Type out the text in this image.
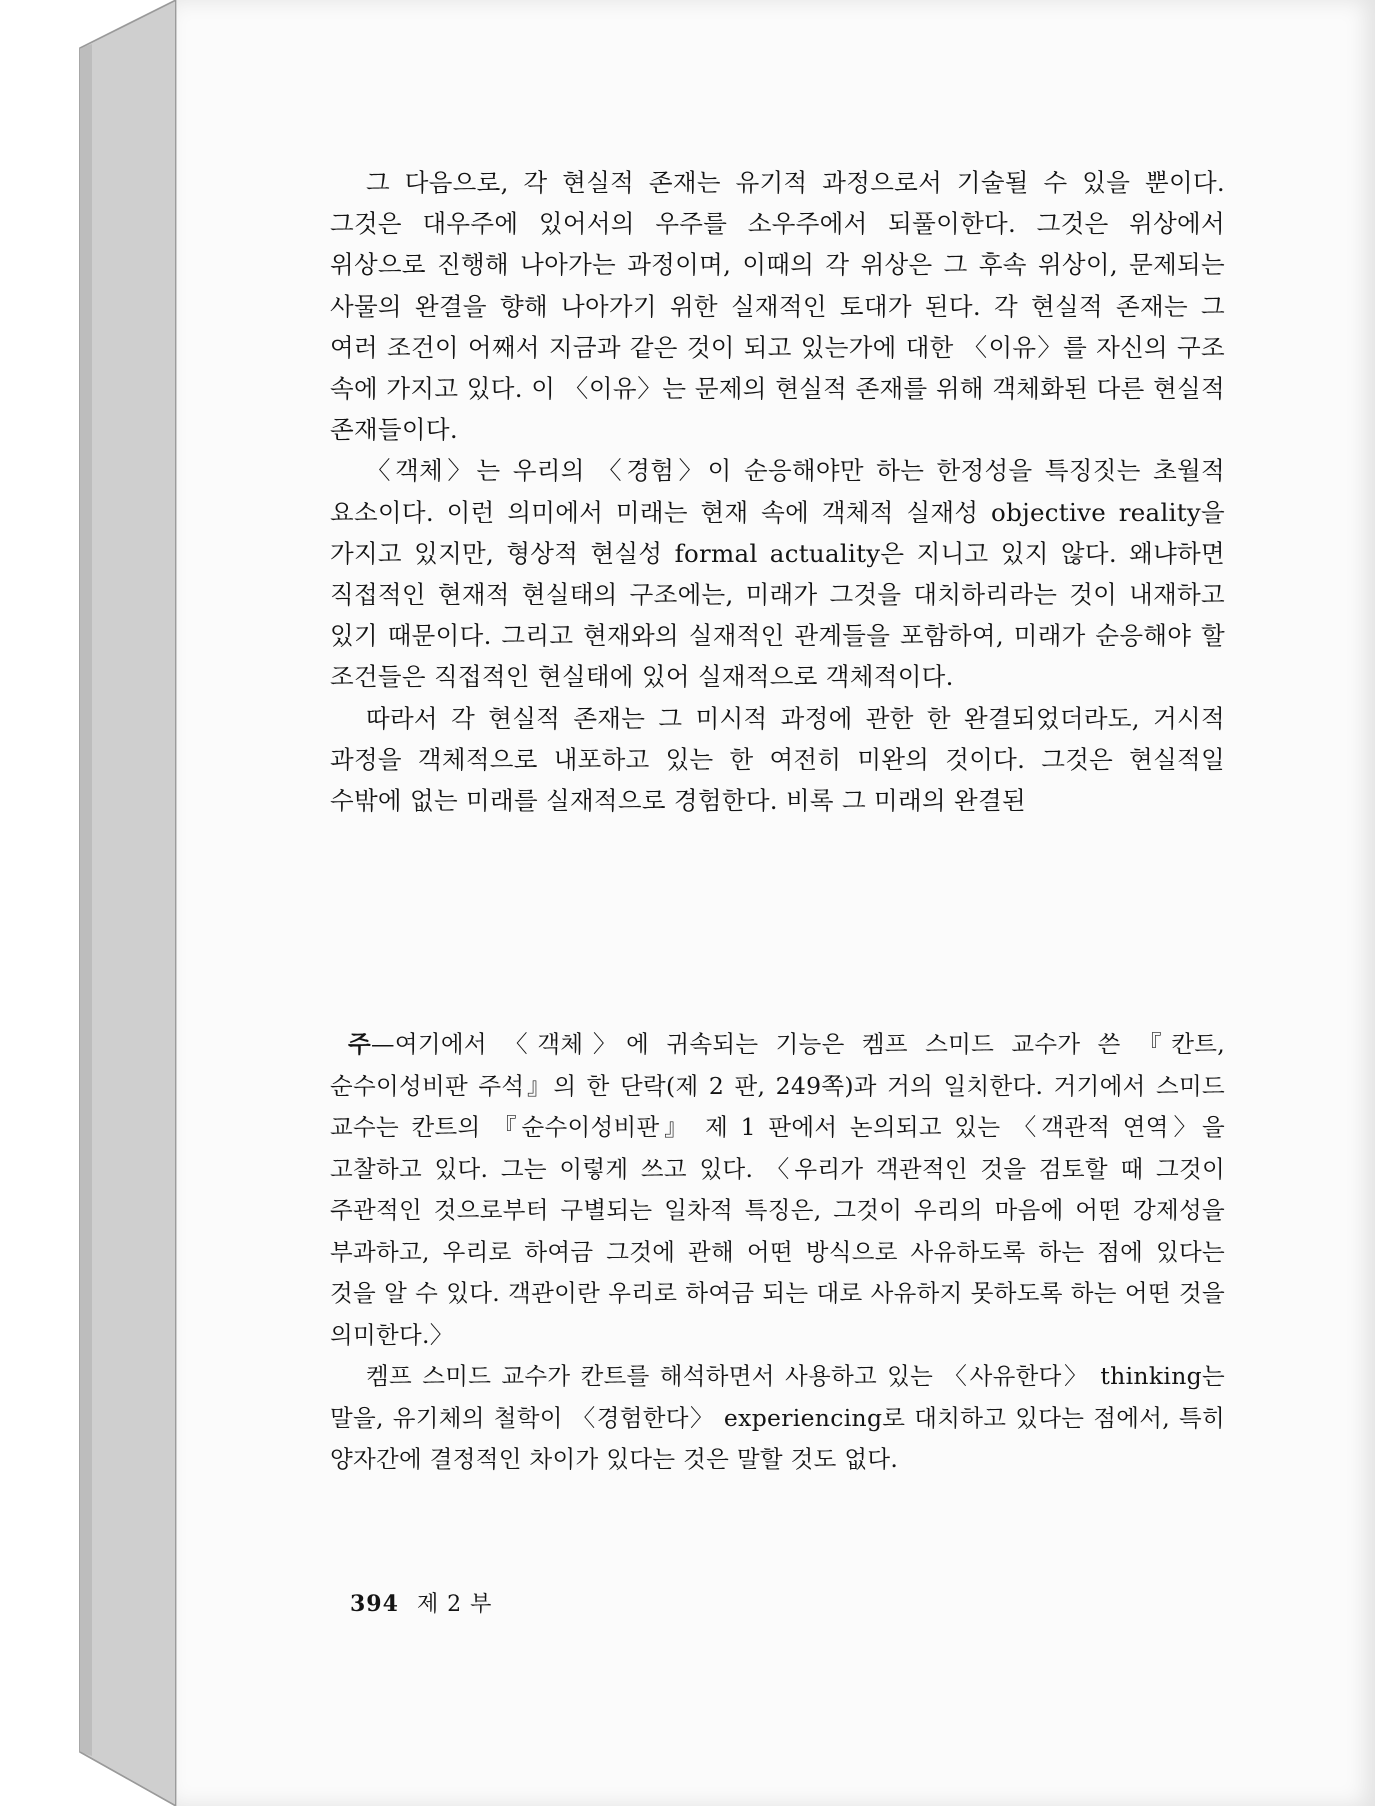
그 다음으로, 각 현실적 존재는 유기적 과정으로서 기술될 수 있을 뿐이다. 그것은 대우주에 있어서의 우주를 소우주에서 되풀이한다. 그것은 위상에서 위상으로 진행해 나아가는 과정이며, 이때의 각 위상은 그 후속 위상이, 문제되는 사물의 완결을 향해 나아가기 위한 실재적인 토대가 된다. 각 현실적 존재는 그 여러 조건이 어째서 지금과 같은 것이 되고 있는가에 대한 〈이유〉를 자신의 구조 속에 가지고 있다. 이 〈이유〉는 문제의 현실적 존재를 위해 객체화된 다른 현실적 존재들이다.

〈객체〉는 우리의 〈경험〉이 순응해야만 하는 한정성을 특징짓는 초월적 요소이다. 이런 의미에서 미래는 현재 속에 객체적 실재성 objective reality을 가지고 있지만, 형상적 현실성 formal actuality은 지니고 있지 않다. 왜냐하면 직접적인 현재적 현실태의 구조에는, 미래가 그것을 대치하리라는 것이 내재하고 있기 때문이다. 그리고 현재와의 실재적인 관계들을 포함하여, 미래가 순응해야 할 조건들은 직접적인 현실태에 있어 실재적으로 객체적이다.

따라서 각 현실적 존재는 그 미시적 과정에 관한 한 완결되었더라도, 거시적 과정을 객체적으로 내포하고 있는 한 여전히 미완의 것이다. 그것은 현실적일 수밖에 없는 미래를 실재적으로 경험한다. 비록 그 미래의 완결된

주—여기에서 〈객체〉에 귀속되는 기능은 켐프 스미드 교수가 쓴 『칸트, 순수이성비판 주석』의 한 단락(제 2 판, 249쪽)과 거의 일치한다. 거기에서 스미드 교수는 칸트의 『순수이성비판』 제 1 판에서 논의되고 있는 〈객관적 연역〉을 고찰하고 있다. 그는 이렇게 쓰고 있다. 〈우리가 객관적인 것을 검토할 때 그것이 주관적인 것으로부터 구별되는 일차적 특징은, 그것이 우리의 마음에 어떤 강제성을 부과하고, 우리로 하여금 그것에 관해 어떤 방식으로 사유하도록 하는 점에 있다는 것을 알 수 있다. 객관이란 우리로 하여금 되는 대로 사유하지 못하도록 하는 어떤 것을 의미한다.〉

켐프 스미드 교수가 칸트를 해석하면서 사용하고 있는 〈사유한다〉 thinking는 말을, 유기체의 철학이 〈경험한다〉 experiencing로 대치하고 있다는 점에서, 특히 양자간에 결정적인 차이가 있다는 것은 말할 것도 없다.

394 제 2 부
